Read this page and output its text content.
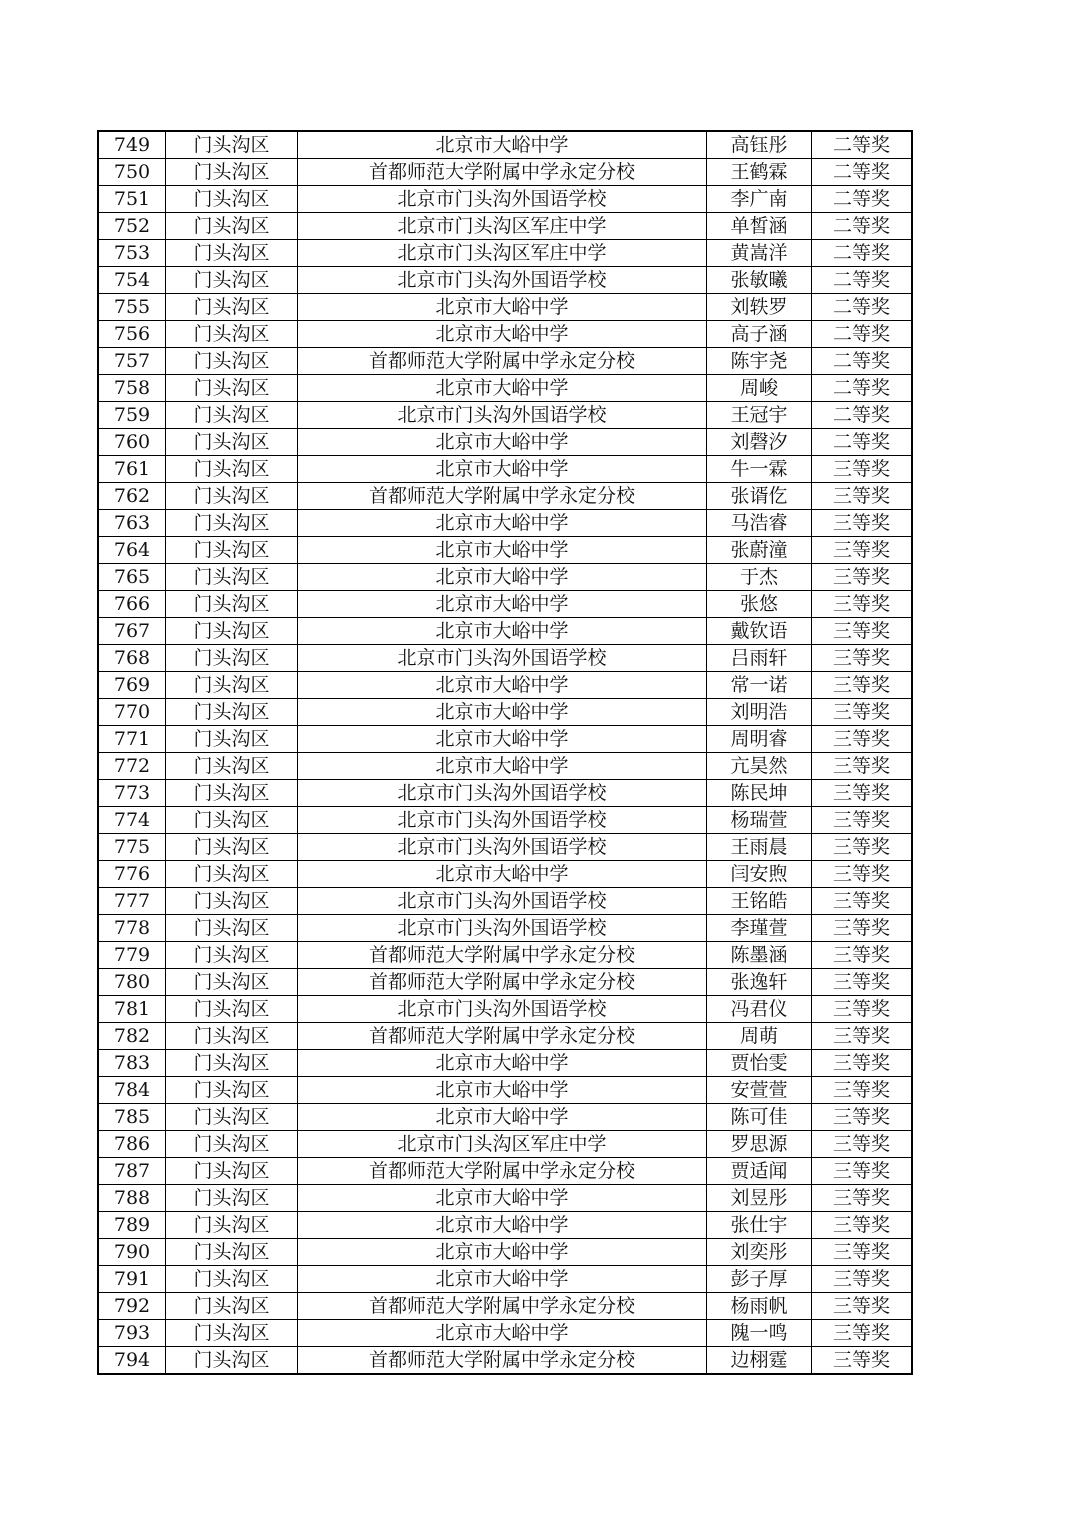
749	门头沟区	北京市大峪中学	高钰彤	二等奖
750	门头沟区	首都师范大学附属中学永定分校	王鹤霖	二等奖
751	门头沟区	北京市门头沟外国语学校	李广南	二等奖
752	门头沟区	北京市门头沟区军庄中学	单皙涵	二等奖
753	门头沟区	北京市门头沟区军庄中学	黄嵩洋	二等奖
754	门头沟区	北京市门头沟外国语学校	张敏曦	二等奖
755	门头沟区	北京市大峪中学	刘轶罗	二等奖
756	门头沟区	北京市大峪中学	高子涵	二等奖
757	门头沟区	首都师范大学附属中学永定分校	陈宇尧	二等奖
758	门头沟区	北京市大峪中学	周峻	二等奖
759	门头沟区	北京市门头沟外国语学校	王冠宇	二等奖
760	门头沟区	北京市大峪中学	刘磬汐	二等奖
761	门头沟区	北京市大峪中学	牛一霖	三等奖
762	门头沟区	首都师范大学附属中学永定分校	张谞仡	三等奖
763	门头沟区	北京市大峪中学	马浩睿	三等奖
764	门头沟区	北京市大峪中学	张蔚潼	三等奖
765	门头沟区	北京市大峪中学	于杰	三等奖
766	门头沟区	北京市大峪中学	张悠	三等奖
767	门头沟区	北京市大峪中学	戴钦语	三等奖
768	门头沟区	北京市门头沟外国语学校	吕雨轩	三等奖
769	门头沟区	北京市大峪中学	常一诺	三等奖
770	门头沟区	北京市大峪中学	刘明浩	三等奖
771	门头沟区	北京市大峪中学	周明睿	三等奖
772	门头沟区	北京市大峪中学	亢昊然	三等奖
773	门头沟区	北京市门头沟外国语学校	陈民坤	三等奖
774	门头沟区	北京市门头沟外国语学校	杨瑞萱	三等奖
775	门头沟区	北京市门头沟外国语学校	王雨晨	三等奖
776	门头沟区	北京市大峪中学	闫安煦	三等奖
777	门头沟区	北京市门头沟外国语学校	王铭皓	三等奖
778	门头沟区	北京市门头沟外国语学校	李瑾萱	三等奖
779	门头沟区	首都师范大学附属中学永定分校	陈墨涵	三等奖
780	门头沟区	首都师范大学附属中学永定分校	张逸轩	三等奖
781	门头沟区	北京市门头沟外国语学校	冯君仪	三等奖
782	门头沟区	首都师范大学附属中学永定分校	周萌	三等奖
783	门头沟区	北京市大峪中学	贾怡雯	三等奖
784	门头沟区	北京市大峪中学	安萱萱	三等奖
785	门头沟区	北京市大峪中学	陈可佳	三等奖
786	门头沟区	北京市门头沟区军庄中学	罗思源	三等奖
787	门头沟区	首都师范大学附属中学永定分校	贾适闻	三等奖
788	门头沟区	北京市大峪中学	刘昱彤	三等奖
789	门头沟区	北京市大峪中学	张仕宇	三等奖
790	门头沟区	北京市大峪中学	刘奕彤	三等奖
791	门头沟区	北京市大峪中学	彭子厚	三等奖
792	门头沟区	首都师范大学附属中学永定分校	杨雨帆	三等奖
793	门头沟区	北京市大峪中学	隗一鸣	三等奖
794	门头沟区	首都师范大学附属中学永定分校	边栩霆	三等奖
